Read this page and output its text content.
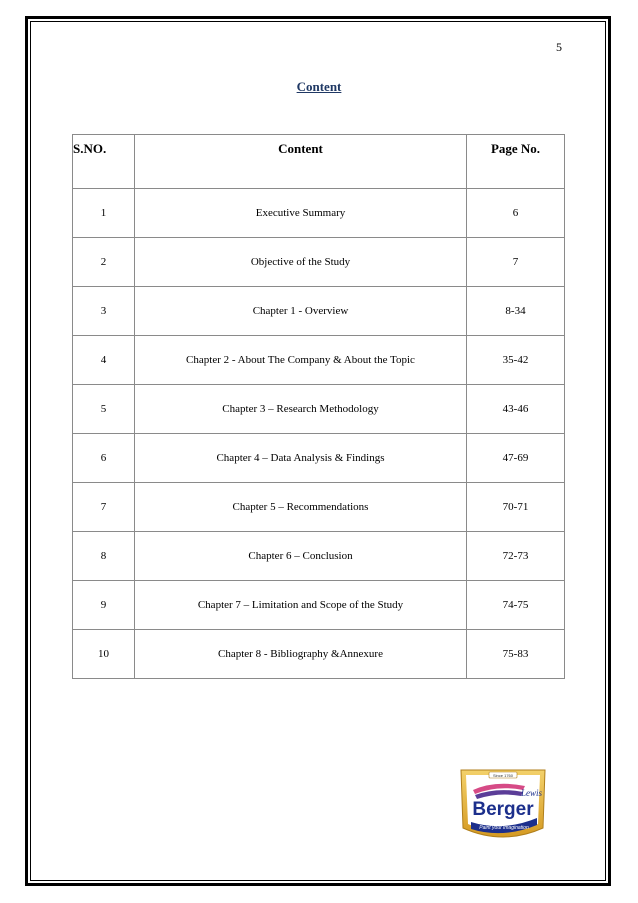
5
Content
S.NO.	Content	Page No.
1	Executive Summary	6
2	Objective of the Study	7
3	Chapter 1 - Overview	8-34
4	Chapter 2 - About The Company & About the Topic	35-42
5	Chapter 3 – Research Methodology	43-46
6	Chapter 4 – Data Analysis & Findings	47-69
7	Chapter 5 – Recommendations	70-71
8	Chapter 6 – Conclusion	72-73
9	Chapter 7 – Limitation and Scope of the Study	74-75
10	Chapter 8 - Bibliography &Annexure	75-83
Since 1760
Lewis
Berger
Paint your imagination
